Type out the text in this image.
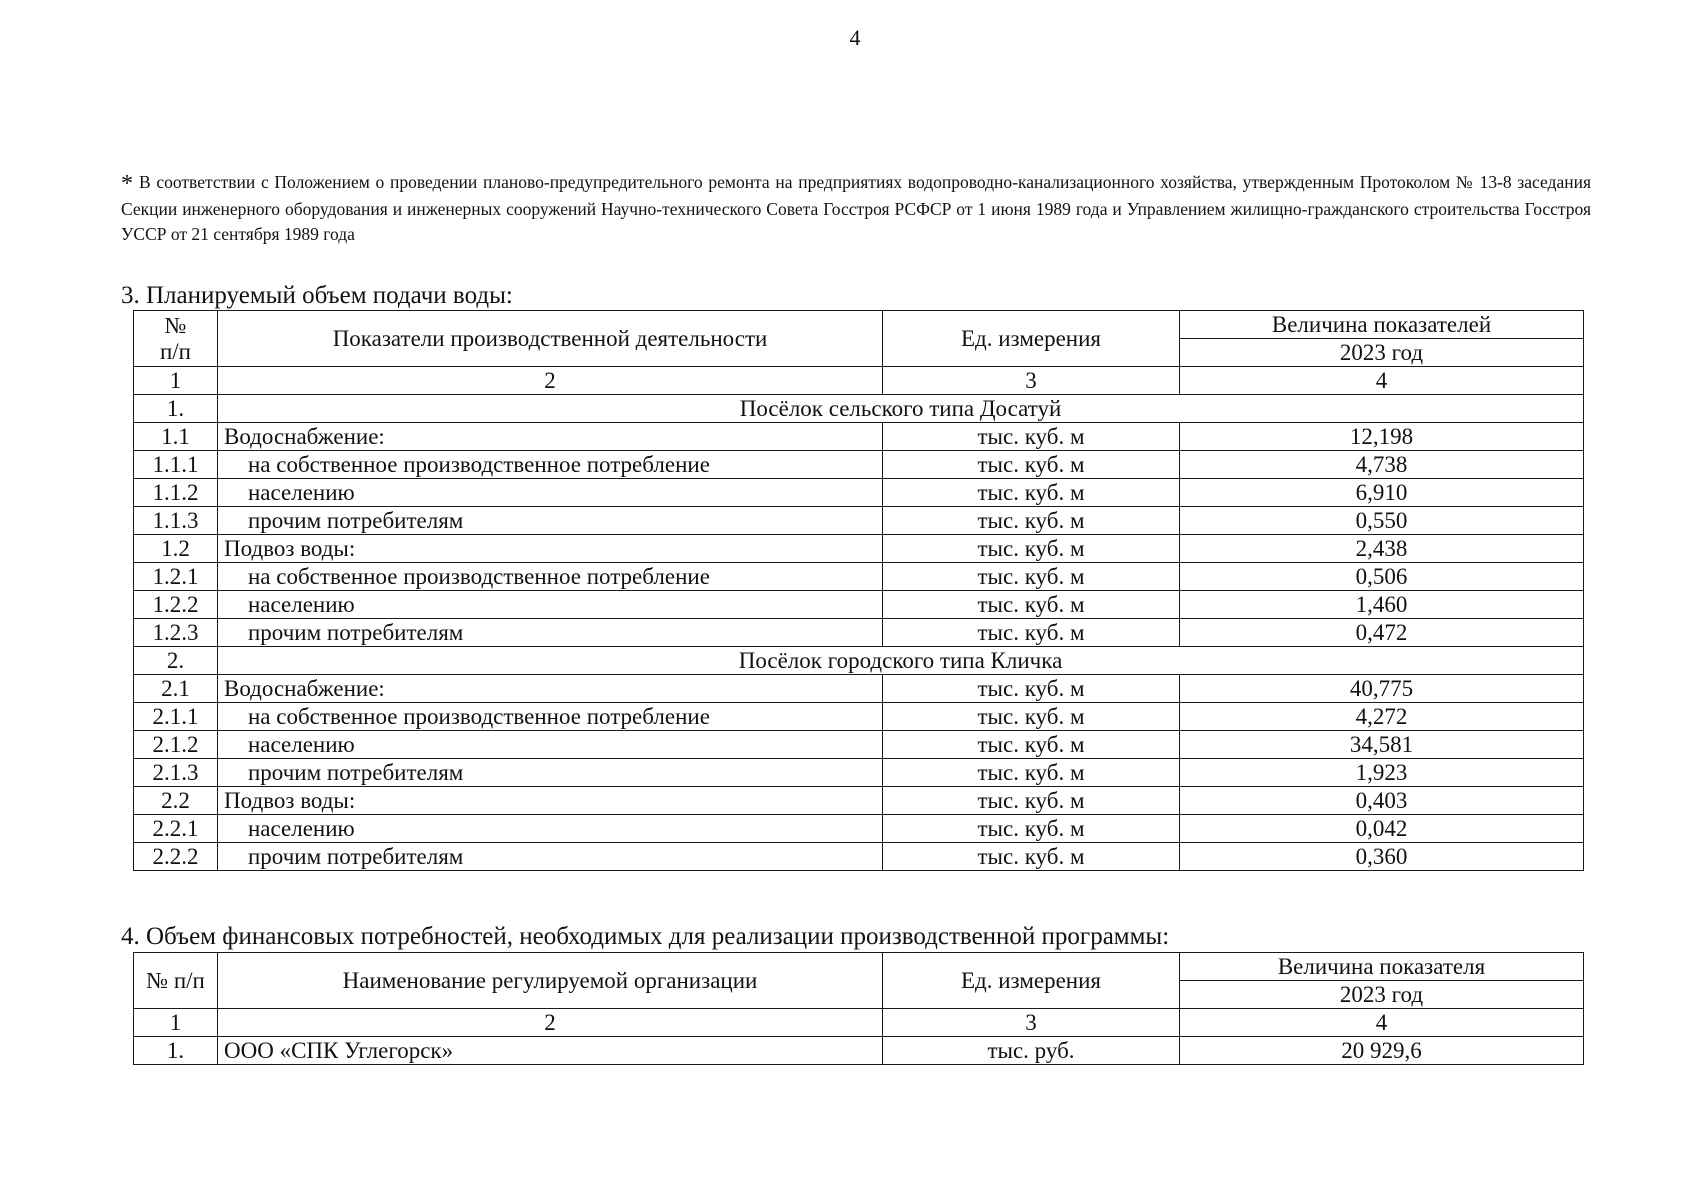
4
* В соответствии с Положением о проведении планово-предупредительного ремонта на предприятиях водопроводно-канализационного хозяйства, утвержденным Протоколом № 13-8 заседания Секции инженерного оборудования и инженерных сооружений Научно-технического Совета Госстроя РСФСР от 1 июня 1989 года и Управлением жилищно-гражданского строительства Госстроя УССР от 21 сентября 1989 года
3. Планируемый объем подачи воды:
№
п/п	Показатели производственной деятельности	Ед. измерения	Величина показателей
			2023 год
1	2	3	4
1.	Посёлок сельского типа Досатуй		
1.1	Водоснабжение:	тыс. куб. м	12,198
1.1.1	на собственное производственное потребление	тыс. куб. м	4,738
1.1.2	населению	тыс. куб. м	6,910
1.1.3	прочим потребителям	тыс. куб. м	0,550
1.2	Подвоз воды:	тыс. куб. м	2,438
1.2.1	на собственное производственное потребление	тыс. куб. м	0,506
1.2.2	населению	тыс. куб. м	1,460
1.2.3	прочим потребителям	тыс. куб. м	0,472
2.	Посёлок городского типа Кличка		
2.1	Водоснабжение:	тыс. куб. м	40,775
2.1.1	на собственное производственное потребление	тыс. куб. м	4,272
2.1.2	населению	тыс. куб. м	34,581
2.1.3	прочим потребителям	тыс. куб. м	1,923
2.2	Подвоз воды:	тыс. куб. м	0,403
2.2.1	населению	тыс. куб. м	0,042
2.2.2	прочим потребителям	тыс. куб. м	0,360
4. Объем финансовых потребностей, необходимых для реализации производственной программы:
№ п/п	Наименование регулируемой организации	Ед. измерения	Величина показателя
			2023 год
1	2	3	4
1.	ООО «СПК Углегорск»	тыс. руб.	20 929,6
